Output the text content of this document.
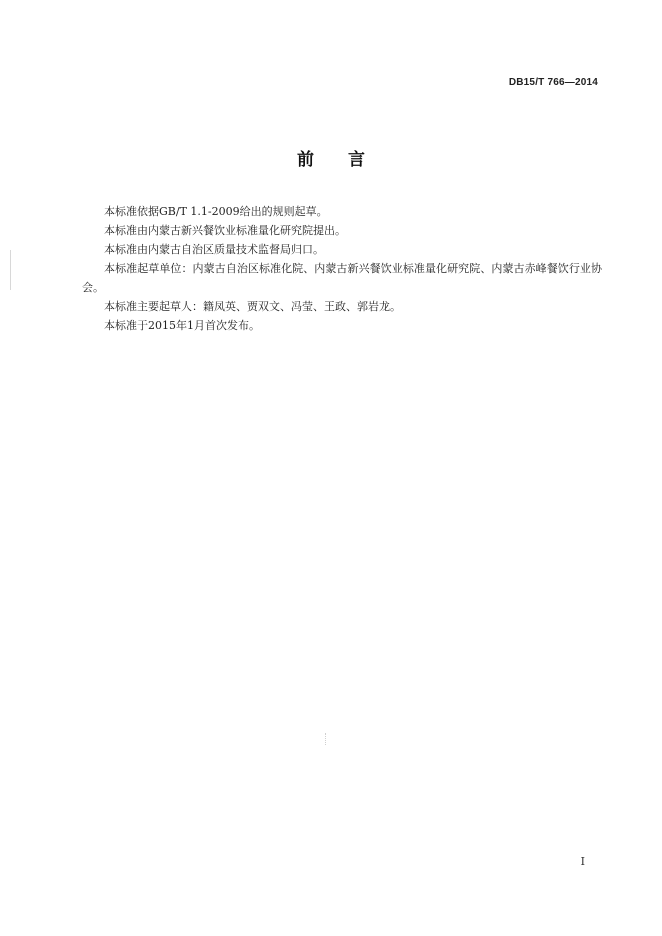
DB15/T 766—2014
前言

本标准依据GB/T 1.1-2009给出的规则起草。

本标准由内蒙古新兴餐饮业标准量化研究院提出。

本标准由内蒙古自治区质量技术监督局归口。

本标准起草单位：内蒙古自治区标准化院、内蒙古新兴餐饮业标准量化研究院、内蒙古赤峰餐饮行业协会。

本标准主要起草人：籍凤英、贾双文、冯莹、王政、郭岩龙。

本标准于2015年1月首次发布。

I
